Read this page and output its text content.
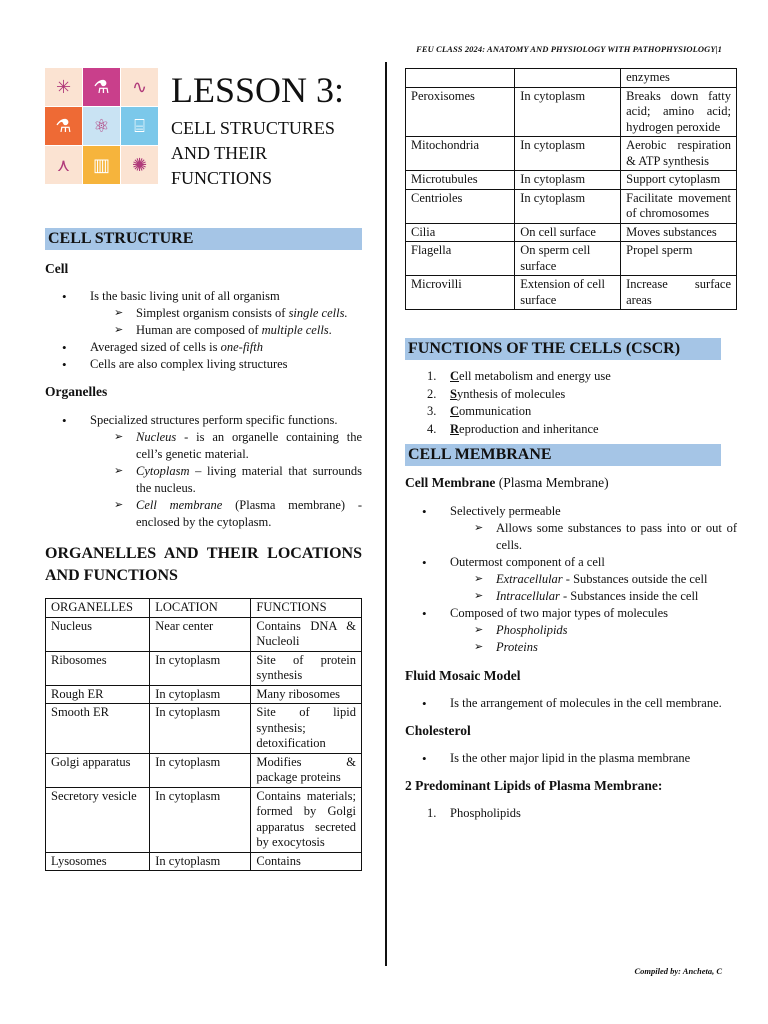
FEU CLASS 2024: ANATOMY AND PHYSIOLOGY WITH PATHOPHYSIOLOGY|1
✳	⚗	∿
⚗	⚛	⌸
⋏	▥	✺
LESSON 3:
CELL STRUCTURES AND THEIR FUNCTIONS
CELL STRUCTURE
Cell
• Is the basic living unit of all organism
➢ Simplest organism consists of single cells.
➢ Human are composed of multiple cells.
• Averaged sized of cells is one-fifth
• Cells are also complex living structures
Organelles
• Specialized structures perform specific functions.
➢ Nucleus - is an organelle containing the cell’s genetic material.
➢ Cytoplasm – living material that surrounds the nucleus.
➢ Cell membrane (Plasma membrane) - enclosed by the cytoplasm.
ORGANELLES AND THEIR LOCATIONS AND FUNCTIONS
ORGANELLES	LOCATION	FUNCTIONS
Nucleus	Near center	Contains DNA & Nucleoli
Ribosomes	In cytoplasm	Site of protein synthesis
Rough ER	In cytoplasm	Many ribosomes
Smooth ER	In cytoplasm	Site of lipid synthesis; detoxification
Golgi apparatus	In cytoplasm	Modifies & package proteins
Secretory vesicle	In cytoplasm	Contains materials; formed by Golgi apparatus secreted by exocytosis
Lysosomes	In cytoplasm	Contains
		enzymes
Peroxisomes	In cytoplasm	Breaks down fatty acid; amino acid; hydrogen peroxide
Mitochondria	In cytoplasm	Aerobic respiration & ATP synthesis
Microtubules	In cytoplasm	Support cytoplasm
Centrioles	In cytoplasm	Facilitate movement of chromosomes
Cilia	On cell surface	Moves substances
Flagella	On sperm cell surface	Propel sperm
Microvilli	Extension of cell surface	Increase surface areas
FUNCTIONS OF THE CELLS (CSCR)
1. Cell metabolism and energy use
2. Synthesis of molecules
3. Communication
4. Reproduction and inheritance
CELL MEMBRANE
Cell Membrane (Plasma Membrane)
• Selectively permeable
➢ Allows some substances to pass into or out of cells.
• Outermost component of a cell
➢ Extracellular - Substances outside the cell
➢ Intracellular - Substances inside the cell
• Composed of two major types of molecules
➢ Phospholipids
➢ Proteins
Fluid Mosaic Model
• Is the arrangement of molecules in the cell membrane.
Cholesterol
• Is the other major lipid in the plasma membrane
2 Predominant Lipids of Plasma Membrane:
1. Phospholipids
Compiled by: Ancheta, C
